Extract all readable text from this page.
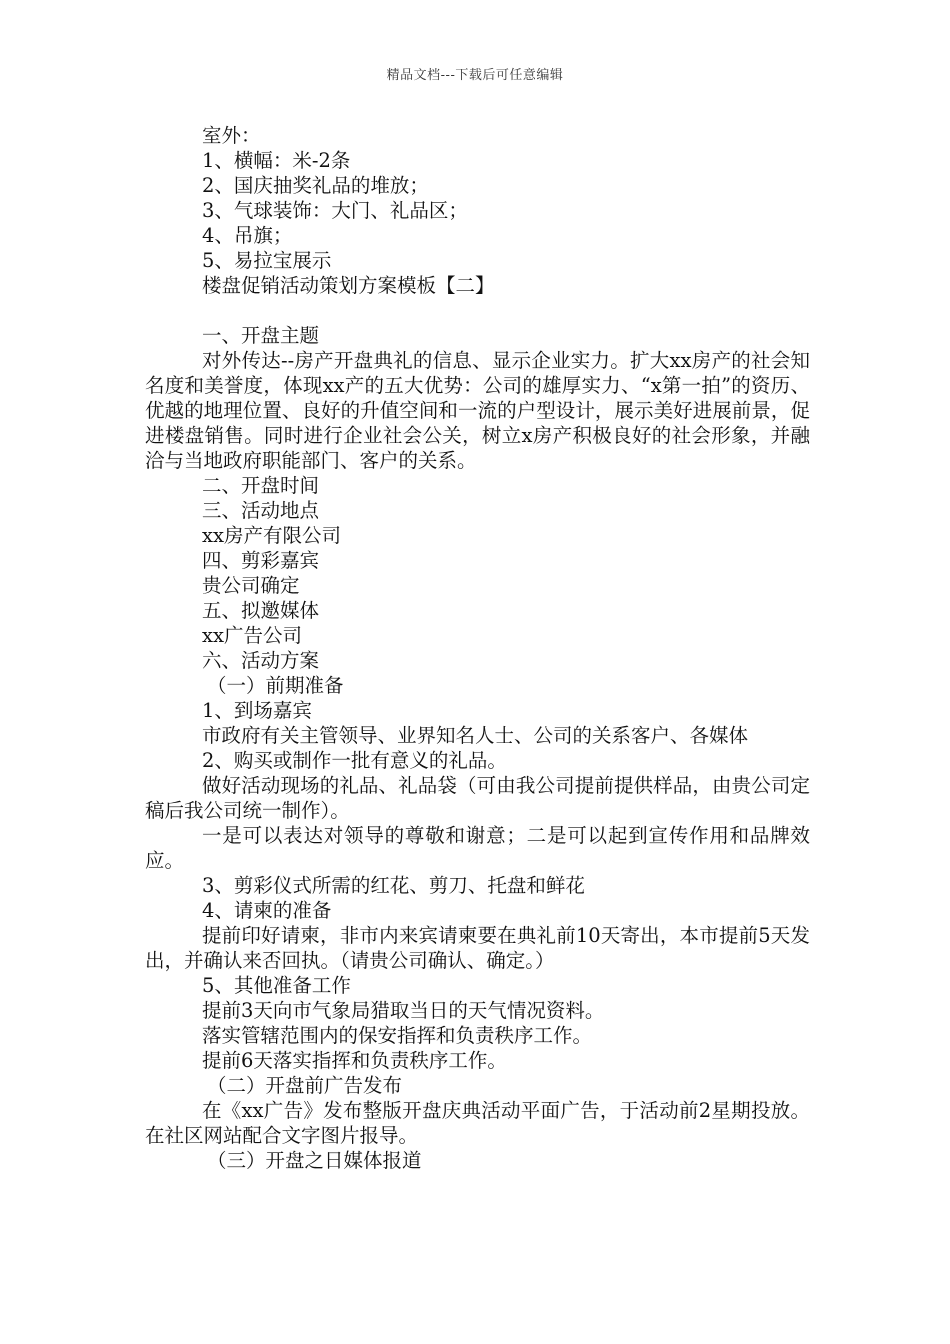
精品文档---下载后可任意编辑
室外：
1、横幅：米-2条
2、国庆抽奖礼品的堆放；
3、气球装饰：大门、礼品区；
4、吊旗；
5、易拉宝展示
楼盘促销活动策划方案模板【二】
一、开盘主题
对外传达--房产开盘典礼的信息、显示企业实力。扩大xx房产的社会知名度和美誉度，体现xx产的五大优势：公司的雄厚实力、“x第一拍”的资历、优越的地理位置、良好的升值空间和一流的户型设计，展示美好进展前景，促进楼盘销售。同时进行企业社会公关，树立x房产积极良好的社会形象，并融洽与当地政府职能部门、客户的关系。
二、开盘时间
三、活动地点
xx房产有限公司
四、剪彩嘉宾
贵公司确定
五、拟邀媒体
xx广告公司
六、活动方案
（一）前期准备
1、到场嘉宾
市政府有关主管领导、业界知名人士、公司的关系客户、各媒体
2、购买或制作一批有意义的礼品。
做好活动现场的礼品、礼品袋（可由我公司提前提供样品，由贵公司定稿后我公司统一制作）。
一是可以表达对领导的尊敬和谢意；二是可以起到宣传作用和品牌效应。
3、剪彩仪式所需的红花、剪刀、托盘和鲜花
4、请柬的准备
提前印好请柬，非市内来宾请柬要在典礼前10天寄出，本市提前5天发出，并确认来否回执。（请贵公司确认、确定。）
5、其他准备工作
提前3天向市气象局猎取当日的天气情况资料。
落实管辖范围内的保安指挥和负责秩序工作。
提前6天落实指挥和负责秩序工作。
（二）开盘前广告发布
在《xx广告》发布整版开盘庆典活动平面广告，于活动前2星期投放。在社区网站配合文字图片报导。
（三）开盘之日媒体报道
